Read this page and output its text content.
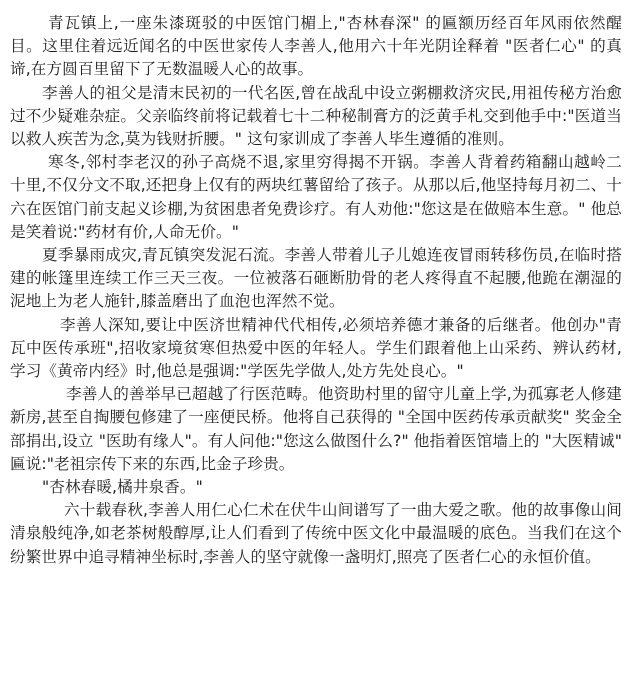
青瓦镇上,一座朱漆斑驳的中医馆门楣上,"杏林春深" 的匾额历经百年风雨依然醒目。这里住着远近闻名的中医世家传人李善人,他用六十年光阴诠释着 "医者仁心" 的真谛,在方圆百里留下了无数温暖人心的故事。

李善人的祖父是清末民初的一代名医,曾在战乱中设立粥棚救济灾民,用祖传秘方治愈过不少疑难杂症。父亲临终前将记载着七十二种秘制膏方的泛黄手札交到他手中:"医道当以救人疾苦为念,莫为钱财折腰。" 这句家训成了李善人毕生遵循的准则。

寒冬,邻村李老汉的孙子高烧不退,家里穷得揭不开锅。李善人背着药箱翻山越岭二十里,不仅分文不取,还把身上仅有的两块红薯留给了孩子。从那以后,他坚持每月初二、十六在医馆门前支起义诊棚,为贫困患者免费诊疗。有人劝他:"您这是在做赔本生意。" 他总是笑着说:"药材有价,人命无价。"

夏季暴雨成灾,青瓦镇突发泥石流。李善人带着儿子儿媳连夜冒雨转移伤员,在临时搭建的帐篷里连续工作三天三夜。一位被落石砸断肋骨的老人疼得直不起腰,他跪在潮湿的泥地上为老人施针,膝盖磨出了血泡也浑然不觉。

李善人深知,要让中医济世精神代代相传,必须培养德才兼备的后继者。他创办"青瓦中医传承班",招收家境贫寒但热爱中医的年轻人。学生们跟着他上山采药、辨认药材,学习《黄帝内经》时,他总是强调:"学医先学做人,处方先处良心。"

李善人的善举早已超越了行医范畴。他资助村里的留守儿童上学,为孤寡老人修建新房,甚至自掏腰包修建了一座便民桥。他将自己获得的 "全国中医药传承贡献奖" 奖金全部捐出,设立 "医助有缘人"。有人问他:"您这么做图什么?" 他指着医馆墙上的 "大医精诚" 匾说:"老祖宗传下来的东西,比金子珍贵。

"杏林春暖,橘井泉香。"

六十载春秋,李善人用仁心仁术在伏牛山间谱写了一曲大爱之歌。他的故事像山间清泉般纯净,如老茶树般醇厚,让人们看到了传统中医文化中最温暖的底色。当我们在这个纷繁世界中追寻精神坐标时,李善人的坚守就像一盏明灯,照亮了医者仁心的永恒价值。
